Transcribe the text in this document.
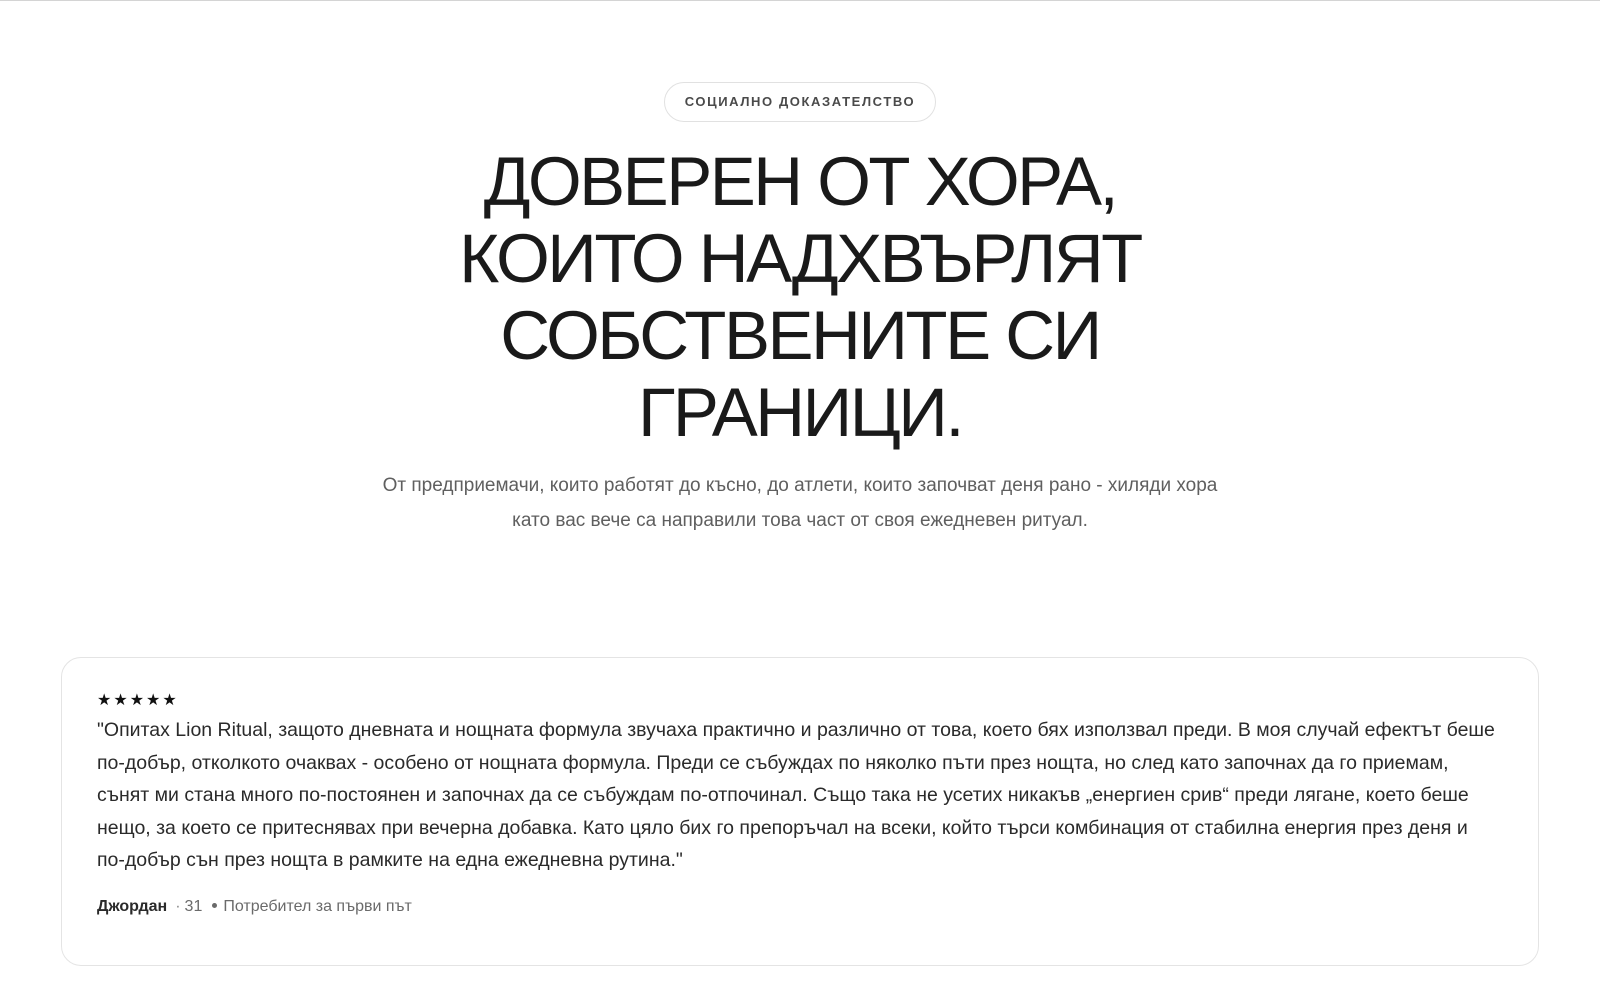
СОЦИАЛНО ДОКАЗАТЕЛСТВО
ДОВЕРЕН ОТ ХОРА, КОИТО НАДХВЪРЛЯТ СОБСТВЕНИТЕ СИ ГРАНИЦИ.

От предприемачи, които работят до късно, до атлети, които започват деня рано - хиляди хора като вас вече са направили това част от своя ежедневен ритуал.

★★★★★

"Опитах Lion Ritual, защото дневната и нощната формула звучаха практично и различно от това, което бях използвал преди. В моя случай ефектът беше по-добър, отколкото очаквах - особено от нощната формула. Преди се събуждах по няколко пъти през нощта, но след като започнах да го приемам, сънят ми стана много по-постоянен и започнах да се събуждам по-отпочинал. Също така не усетих никакъв „енергиен срив“ преди лягане, което беше нещо, за което се притеснявах при вечерна добавка. Като цяло бих го препоръчал на всеки, който търси комбинация от стабилна енергия през деня и по-добър сън през нощта в рамките на една ежедневна рутина."

Джордан · 31 Потребител за първи път
